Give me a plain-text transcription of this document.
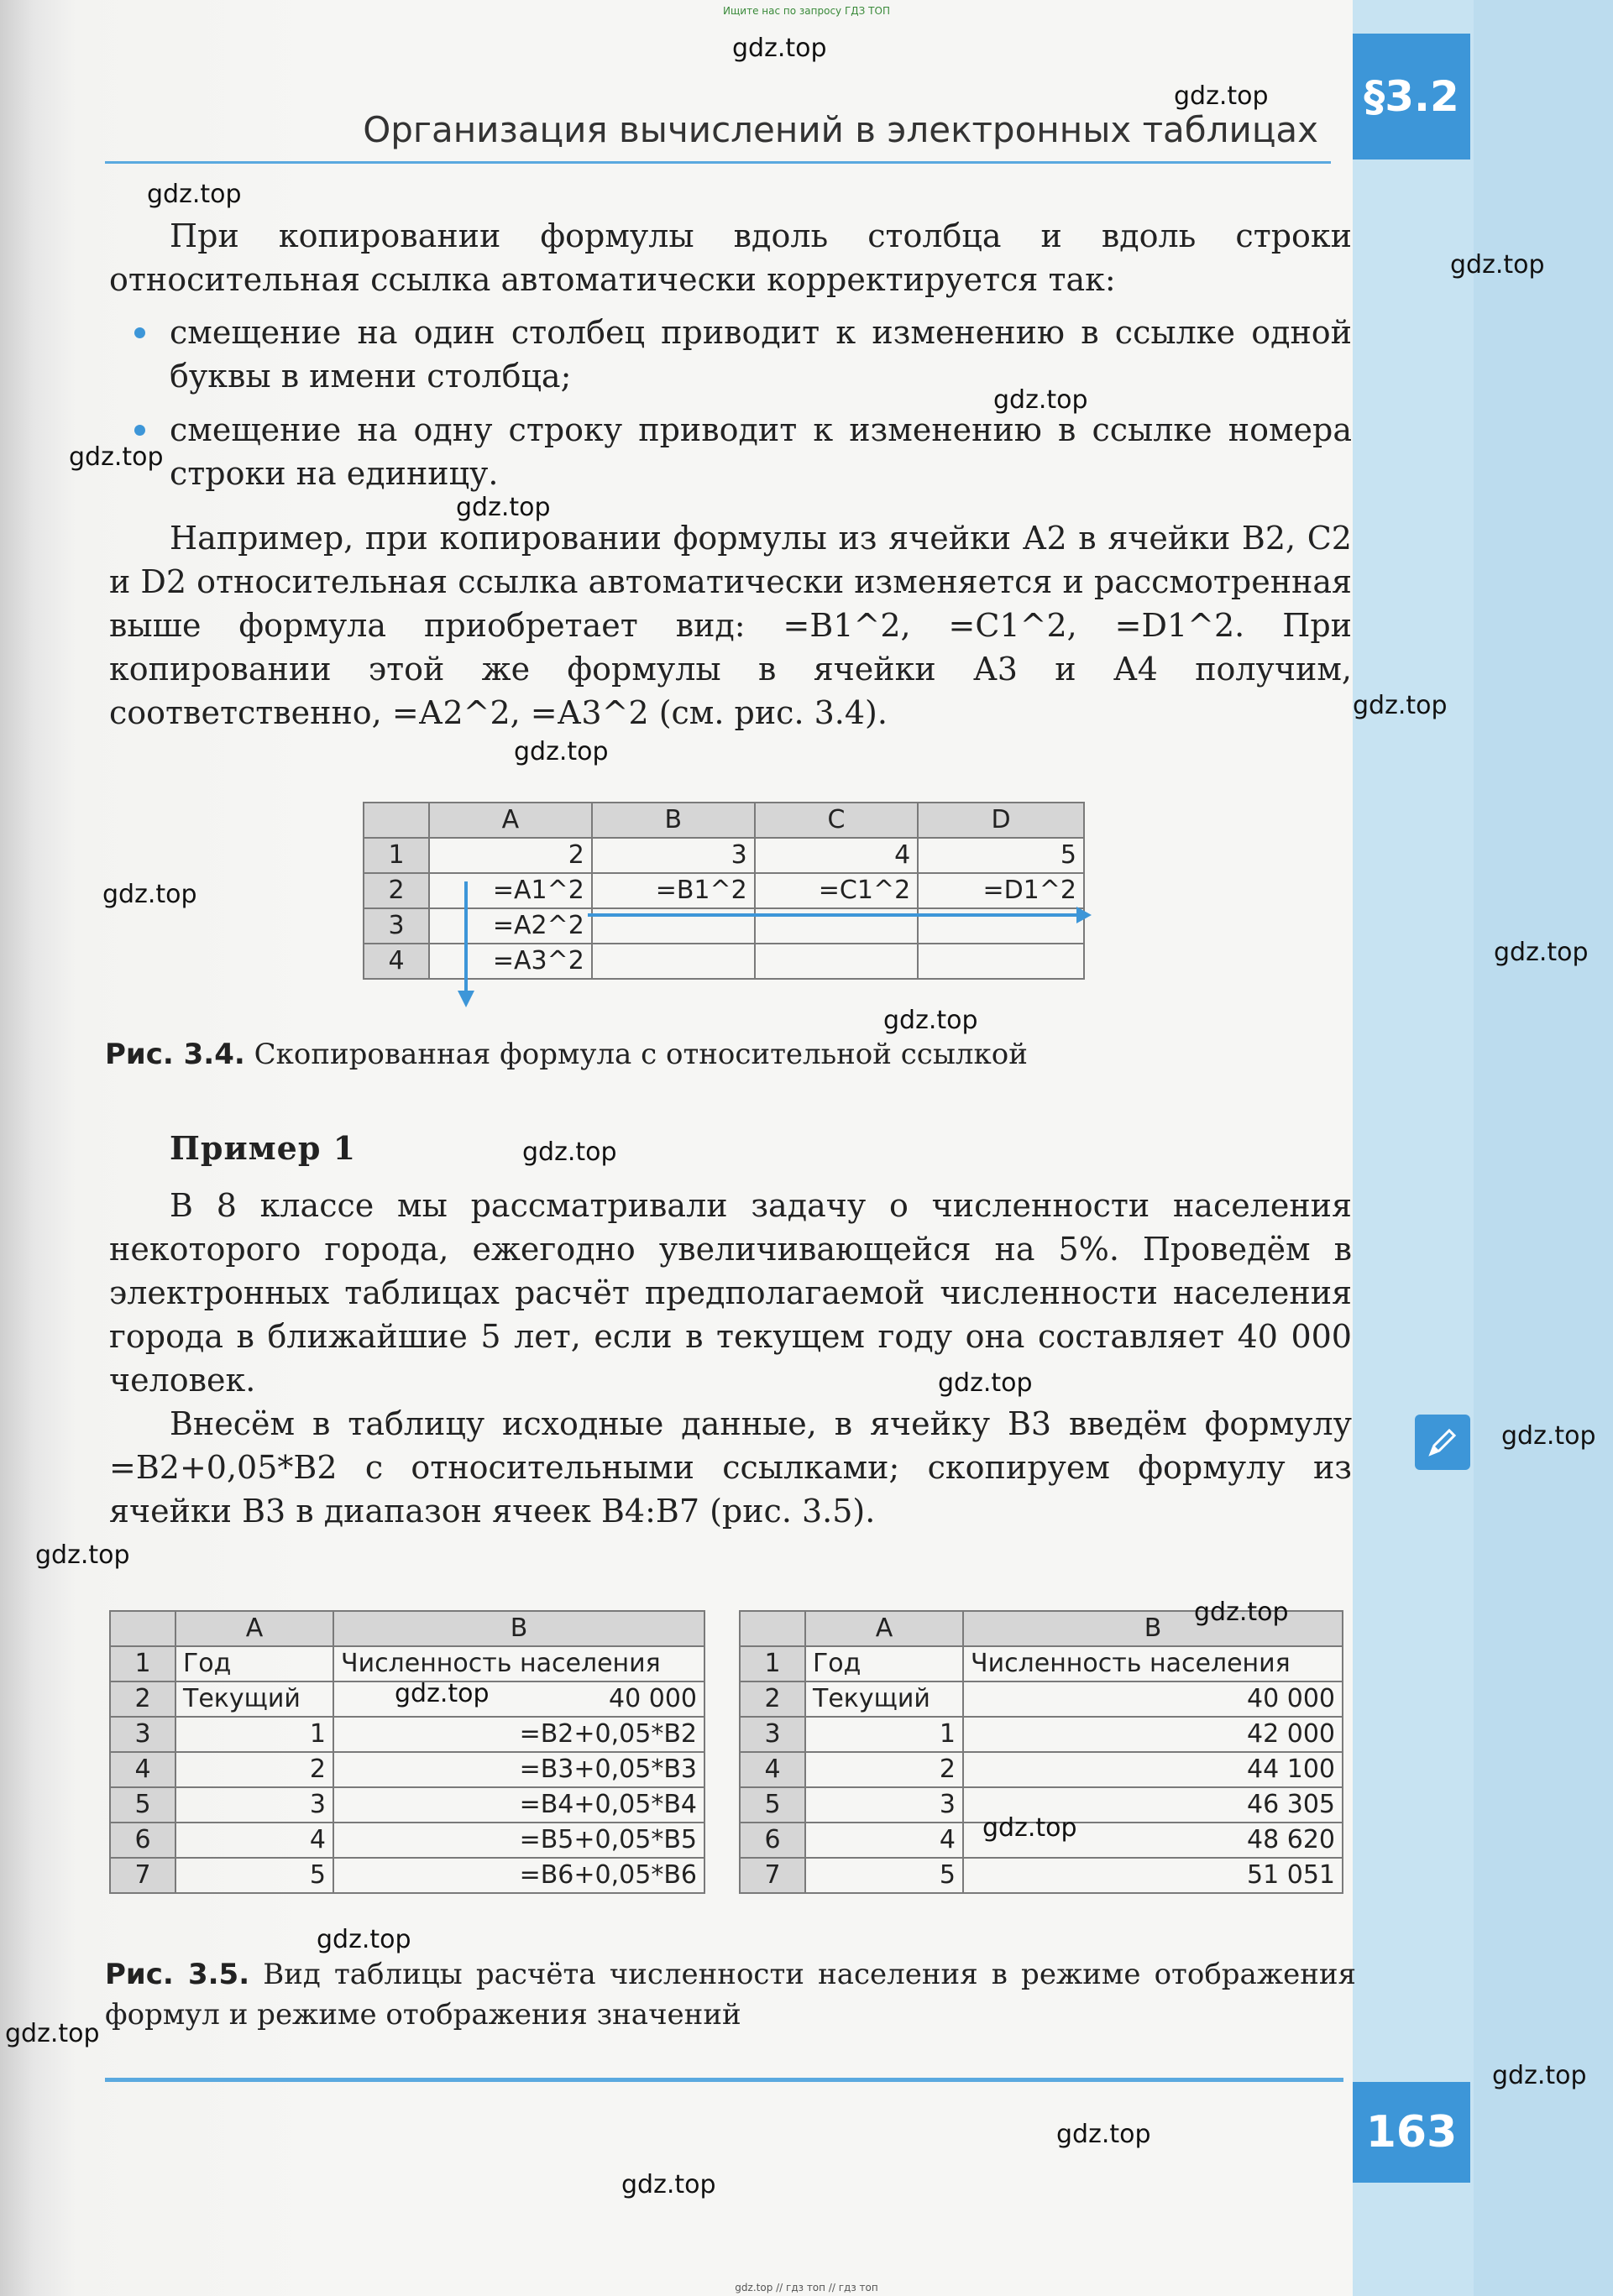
Ищите нас по запросу ГДЗ ТОП
§3.2
Организация вычислений в электронных таблицах
При копировании формулы вдоль столбца и вдоль строки относительная ссылка автоматически корректируется так:
смещение на один столбец приводит к изменению в ссылке одной буквы в имени столбца;
смещение на одну строку приводит к изменению в ссылке номера строки на единицу.
Например, при копировании формулы из ячейки А2 в ячейки В2, С2 и D2 относительная ссылка автоматически изменяется и рассмотренная выше формула приобретает вид: =В1^2, =С1^2, =D1^2. При копировании этой же формулы в ячейки А3 и А4 получим, соответственно, =А2^2, =А3^2 (см. рис. 3.4).
	A	B	C	D
1	2	3	4	5
2	=A1^2	=B1^2	=C1^2	=D1^2
3	=A2^2			
4	=A3^2			
Рис. 3.4. Скопированная формула с относительной ссылкой
Пример 1
В 8 классе мы рассматривали задачу о численности населения некоторого города, ежегодно увеличивающейся на 5%. Проведём в электронных таблицах расчёт предполагаемой численности населения города в ближайшие 5 лет, если в текущем году она составляет 40 000 человек.
Внесём в таблицу исходные данные, в ячейку В3 введём формулу =В2+0,05*В2 с относительными ссылками; скопируем формулу из ячейки В3 в диапазон ячеек В4:В7 (рис. 3.5).
	A	B
1	Год	Численность населения
2	Текущий	40 000
3	1	=B2+0,05*B2
4	2	=B3+0,05*B3
5	3	=B4+0,05*B4
6	4	=B5+0,05*B5
7	5	=B6+0,05*B6
	A	B
1	Год	Численность населения
2	Текущий	40 000
3	1	42 000
4	2	44 100
5	3	46 305
6	4	48 620
7	5	51 051
Рис. 3.5. Вид таблицы расчёта численности населения в режиме отображения формул и режиме отображения значений
163
gdz.top
gdz.top
gdz.top
gdz.top
gdz.top
gdz.top
gdz.top
gdz.top
gdz.top
gdz.top
gdz.top
gdz.top
gdz.top
gdz.top
gdz.top
gdz.top
gdz.top
gdz.top
gdz.top
gdz.top
gdz.top
gdz.top
gdz.top
gdz.top
gdz.top // гдз топ // гдз топ
